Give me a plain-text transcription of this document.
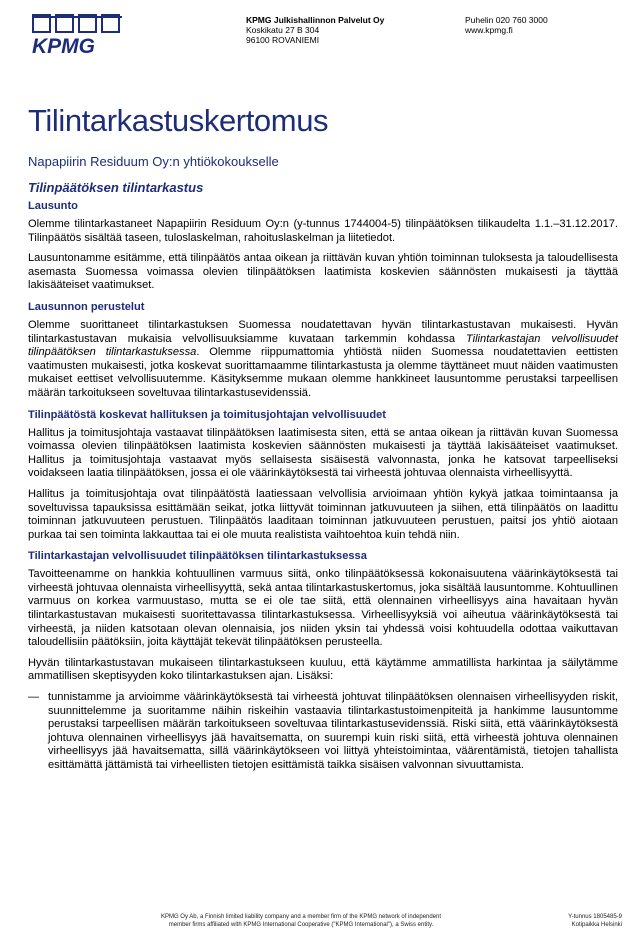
KPMG
KPMG Julkishallinnon Palvelut Oy
Koskikatu 27 B 304
96100 ROVANIEMI
Puhelin 020 760 3000
www.kpmg.fi
Tilintarkastuskertomus
Napapiirin Residuum Oy:n yhtiökokoukselle
Tilinpäätöksen tilintarkastus
Lausunto

Olemme tilintarkastaneet Napapiirin Residuum Oy:n (y-tunnus 1744004-5) tilinpäätöksen tilikaudelta 1.1.–31.12.2017. Tilinpäätös sisältää taseen, tuloslaskelman, rahoituslaskelman ja liitetiedot.

Lausuntonamme esitämme, että tilinpäätös antaa oikean ja riittävän kuvan yhtiön toiminnan tuloksesta ja taloudellisesta asemasta Suomessa voimassa olevien tilinpäätöksen laatimista koskevien säännösten mukaisesti ja täyttää lakisääteiset vaatimukset.

Lausunnon perustelut

Olemme suorittaneet tilintarkastuksen Suomessa noudatettavan hyvän tilintarkastustavan mukaisesti. Hyvän tilintarkastustavan mukaisia velvollisuuksiamme kuvataan tarkemmin kohdassa Tilintarkastajan velvollisuudet tilinpäätöksen tilintarkastuksessa. Olemme riippumattomia yhtiöstä niiden Suomessa noudatettavien eettisten vaatimusten mukaisesti, jotka koskevat suorittamaamme tilintarkastusta ja olemme täyttäneet muut näiden vaatimusten mukaiset eettiset velvollisuutemme. Käsityksemme mukaan olemme hankkineet lausuntomme perustaksi tarpeellisen määrän tarkoitukseen soveltuvaa tilintarkastusevidenssiä.

Tilinpäätöstä koskevat hallituksen ja toimitusjohtajan velvollisuudet

Hallitus ja toimitusjohtaja vastaavat tilinpäätöksen laatimisesta siten, että se antaa oikean ja riittävän kuvan Suomessa voimassa olevien tilinpäätöksen laatimista koskevien säännösten mukaisesti ja täyttää lakisääteiset vaatimukset. Hallitus ja toimitusjohtaja vastaavat myös sellaisesta sisäisestä valvonnasta, jonka he katsovat tarpeelliseksi voidakseen laatia tilinpäätöksen, jossa ei ole väärinkäytöksestä tai virheestä johtuvaa olennaista virheellisyyttä.

Hallitus ja toimitusjohtaja ovat tilinpäätöstä laatiessaan velvollisia arvioimaan yhtiön kykyä jatkaa toimintaansa ja soveltuvissa tapauksissa esittämään seikat, jotka liittyvät toiminnan jatkuvuuteen ja siihen, että tilinpäätös on laadittu toiminnan jatkuvuuteen perustuen. Tilinpäätös laaditaan toiminnan jatkuvuuteen perustuen, paitsi jos yhtiö aiotaan purkaa tai sen toiminta lakkauttaa tai ei ole muuta realistista vaihtoehtoa kuin tehdä niin.

Tilintarkastajan velvollisuudet tilinpäätöksen tilintarkastuksessa

Tavoitteenamme on hankkia kohtuullinen varmuus siitä, onko tilinpäätöksessä kokonaisuutena väärinkäytöksestä tai virheestä johtuvaa olennaista virheellisyyttä, sekä antaa tilintarkastuskertomus, joka sisältää lausuntomme. Kohtuullinen varmuus on korkea varmuustaso, mutta se ei ole tae siitä, että olennainen virheellisyys aina havaitaan hyvän tilintarkastustavan mukaisesti suoritettavassa tilintarkastuksessa. Virheellisyyksiä voi aiheutua väärinkäytöksestä tai virheestä, ja niiden katsotaan olevan olennaisia, jos niiden yksin tai yhdessä voisi kohtuudella odottaa vaikuttavan taloudellisiin päätöksiin, joita käyttäjät tekevät tilinpäätöksen perusteella.

Hyvän tilintarkastustavan mukaiseen tilintarkastukseen kuuluu, että käytämme ammatillista harkintaa ja säilytämme ammatillisen skeptisyyden koko tilintarkastuksen ajan. Lisäksi:

— tunnistamme ja arvioimme väärinkäytöksestä tai virheestä johtuvat tilinpäätöksen olennaisen virheellisyyden riskit, suunnittelemme ja suoritamme näihin riskeihin vastaavia tilintarkastustoimenpiteitä ja hankimme lausuntomme perustaksi tarpeellisen määrän tarkoitukseen soveltuvaa tilintarkastusevidenssiä. Riski siitä, että väärinkäytöksestä johtuva olennainen virheellisyys jää havaitsematta, on suurempi kuin riski siitä, että virheestä johtuva olennainen virheellisyys jää havaitsematta, sillä väärinkäytökseen voi liittyä yhteistoimintaa, väärentämistä, tietojen tahallista esittämättä jättämistä tai virheellisten tietojen esittämistä taikka sisäisen valvonnan sivuuttamista.
KPMG Oy Ab, a Finnish limited liability company and a member firm of the KPMG network of independent
member firms affiliated with KPMG International Cooperative ("KPMG International"), a Swiss entity.
Y-tunnus 1805485-9
Kotipaikka Helsinki
